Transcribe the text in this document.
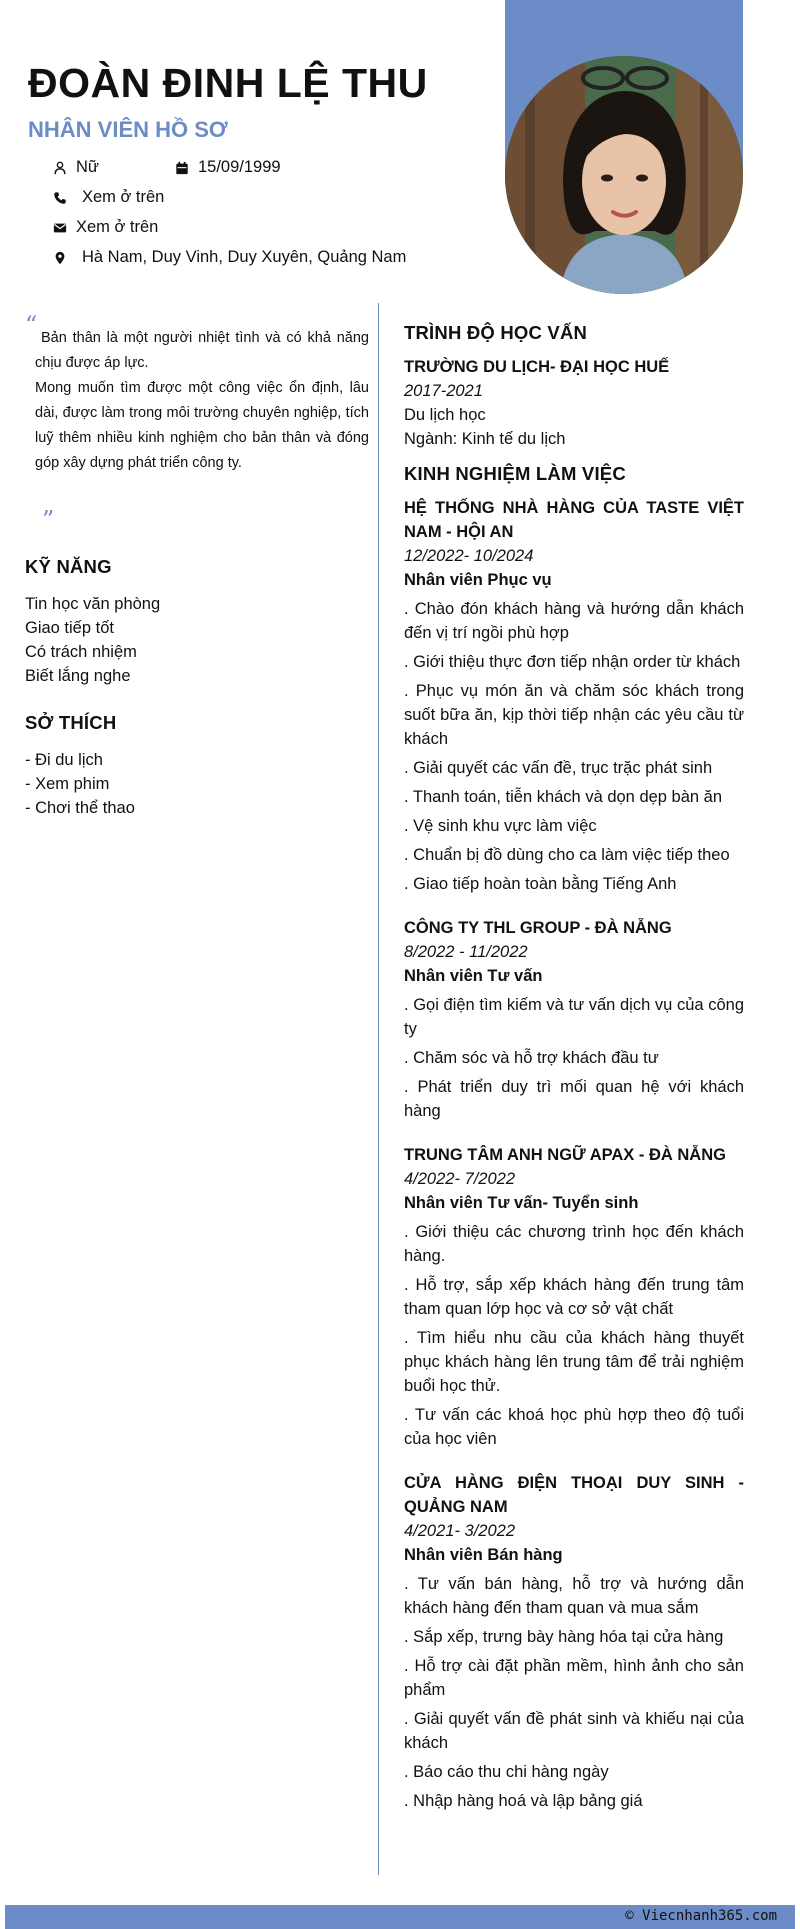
ĐOÀN ĐINH LỆ THU
NHÂN VIÊN HỒ SƠ
Nữ	15/09/1999
Xem ở trên
Xem ở trên
Hà Nam, Duy Vinh, Duy Xuyên, Quảng Nam
“ Bản thân là một người nhiệt tình và có khả năng chịu được áp lực.

Mong muốn tìm được một công việc ổn định, lâu dài, được làm trong môi trường chuyên nghiệp, tích luỹ thêm nhiều kinh nghiệm cho bản thân và đóng góp xây dựng phát triển công ty.

”
KỸ NĂNG
Tin học văn phòng
Giao tiếp tốt
Có trách nhiệm
Biết lắng nghe
SỞ THÍCH
- Đi du lịch
- Xem phim
- Chơi thể thao
TRÌNH ĐỘ HỌC VẤN
TRƯỜNG DU LỊCH- ĐẠI HỌC HUẾ
2017-2021
Du lịch học
Ngành: Kinh tế du lịch
KINH NGHIỆM LÀM VIỆC
HỆ THỐNG NHÀ HÀNG CỦA TASTE VIỆT NAM - HỘI AN
12/2022- 10/2024
Nhân viên Phục vụ
. Chào đón khách hàng và hướng dẫn khách đến vị trí ngồi phù hợp
. Giới thiệu thực đơn tiếp nhận order từ khách
. Phục vụ món ăn và chăm sóc khách trong suốt bữa ăn, kịp thời tiếp nhận các yêu cầu từ khách
. Giải quyết các vấn đề, trục trặc phát sinh
. Thanh toán, tiễn khách và dọn dẹp bàn ăn
. Vệ sinh khu vực làm việc
. Chuẩn bị đồ dùng cho ca làm việc tiếp theo
. Giao tiếp hoàn toàn bằng Tiếng Anh
CÔNG TY THL GROUP - ĐÀ NẴNG
8/2022 - 11/2022
Nhân viên Tư vấn
. Gọi điện tìm kiếm và tư vấn dịch vụ của công ty
. Chăm sóc và hỗ trợ khách đầu tư
. Phát triển duy trì mối quan hệ với khách hàng
TRUNG TÂM ANH NGỮ APAX - ĐÀ NẴNG
4/2022- 7/2022
Nhân viên Tư vấn- Tuyển sinh
. Giới thiệu các chương trình học đến khách hàng.
. Hỗ trợ, sắp xếp khách hàng đến trung tâm tham quan lớp học và cơ sở vật chất
. Tìm hiểu nhu cầu của khách hàng thuyết phục khách hàng lên trung tâm để trải nghiệm buổi học thử.
. Tư vấn các khoá học phù hợp theo độ tuổi của học viên
CỬA HÀNG ĐIỆN THOẠI DUY SINH - QUẢNG NAM
4/2021- 3/2022
Nhân viên Bán hàng
. Tư vấn bán hàng, hỗ trợ và hướng dẫn khách hàng đến tham quan và mua sắm
. Sắp xếp, trưng bày hàng hóa tại cửa hàng
. Hỗ trợ cài đặt phần mềm, hình ảnh cho sản phẩm
. Giải quyết vấn đề phát sinh và khiếu nại của khách
. Báo cáo thu chi hàng ngày
. Nhập hàng hoá và lập bảng giá
© Viecnhanh365.com
